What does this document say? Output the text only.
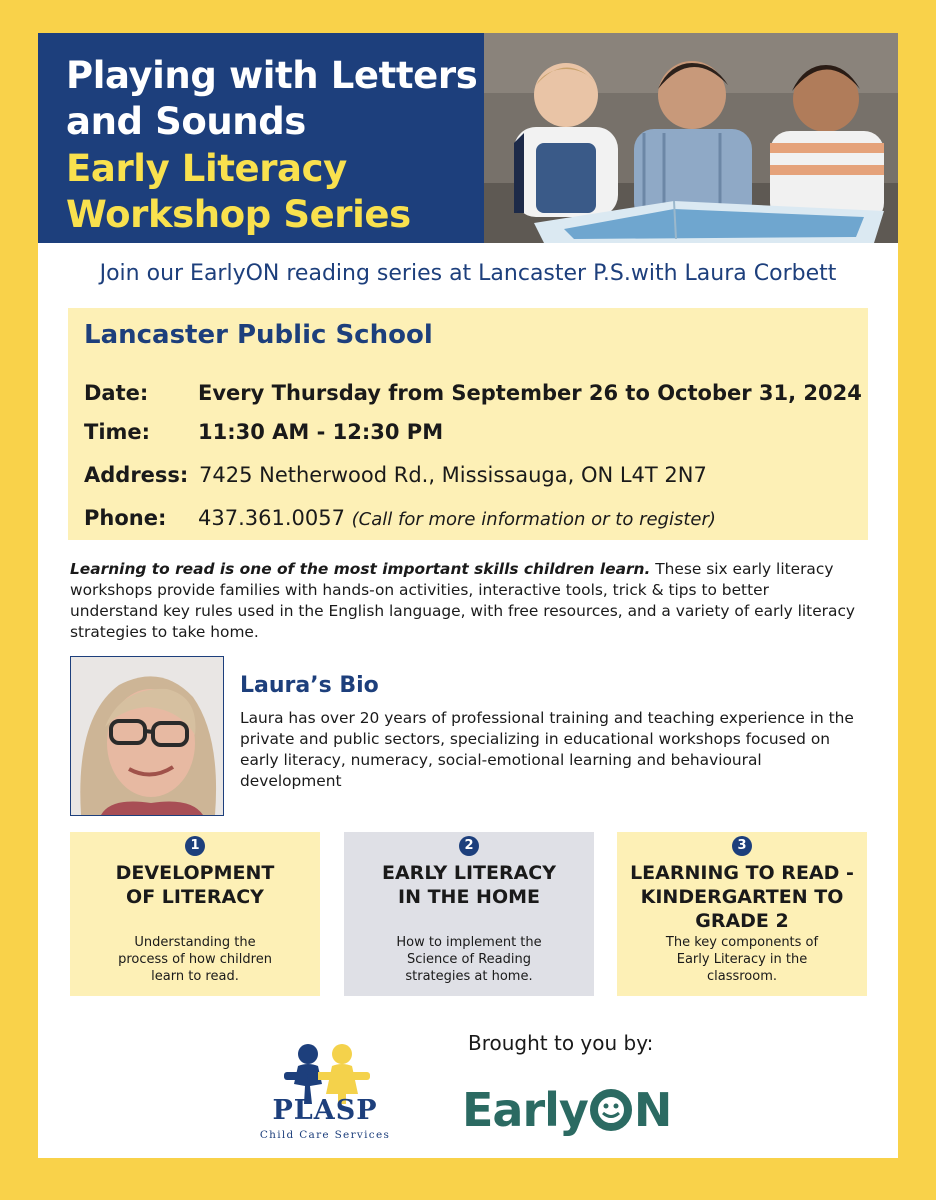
Playing with Letters
and Sounds
Early Literacy
Workshop Series
Join our EarlyON reading series at Lancaster P.S.with Laura Corbett
Lancaster Public School
Date: Every Thursday from September 26 to October 31, 2024
Time: 11:30 AM - 12:30 PM
Address: 7425 Netherwood Rd., Mississauga, ON L4T 2N7
Phone: 437.361.0057 (Call for more information or to register)
Learning to read is one of the most important skills children learn. These six early literacy workshops provide families with hands-on activities, interactive tools, trick & tips to better understand key rules used in the English language, with free resources, and a variety of early literacy strategies to take home.
Laura’s Bio
Laura has over 20 years of professional training and teaching experience in the private and public sectors, specializing in educational workshops focused on early literacy, numeracy, social-emotional learning and behavioural development
1
DEVELOPMENT OF LITERACY
Understanding the process of how children learn to read.
2
EARLY LITERACY IN THE HOME
How to implement the Science of Reading strategies at home.
3
LEARNING TO READ - KINDERGARTEN TO GRADE 2
The key components of Early Literacy in the classroom.
Brought to you by:
PLASP
Child Care Services Early N
